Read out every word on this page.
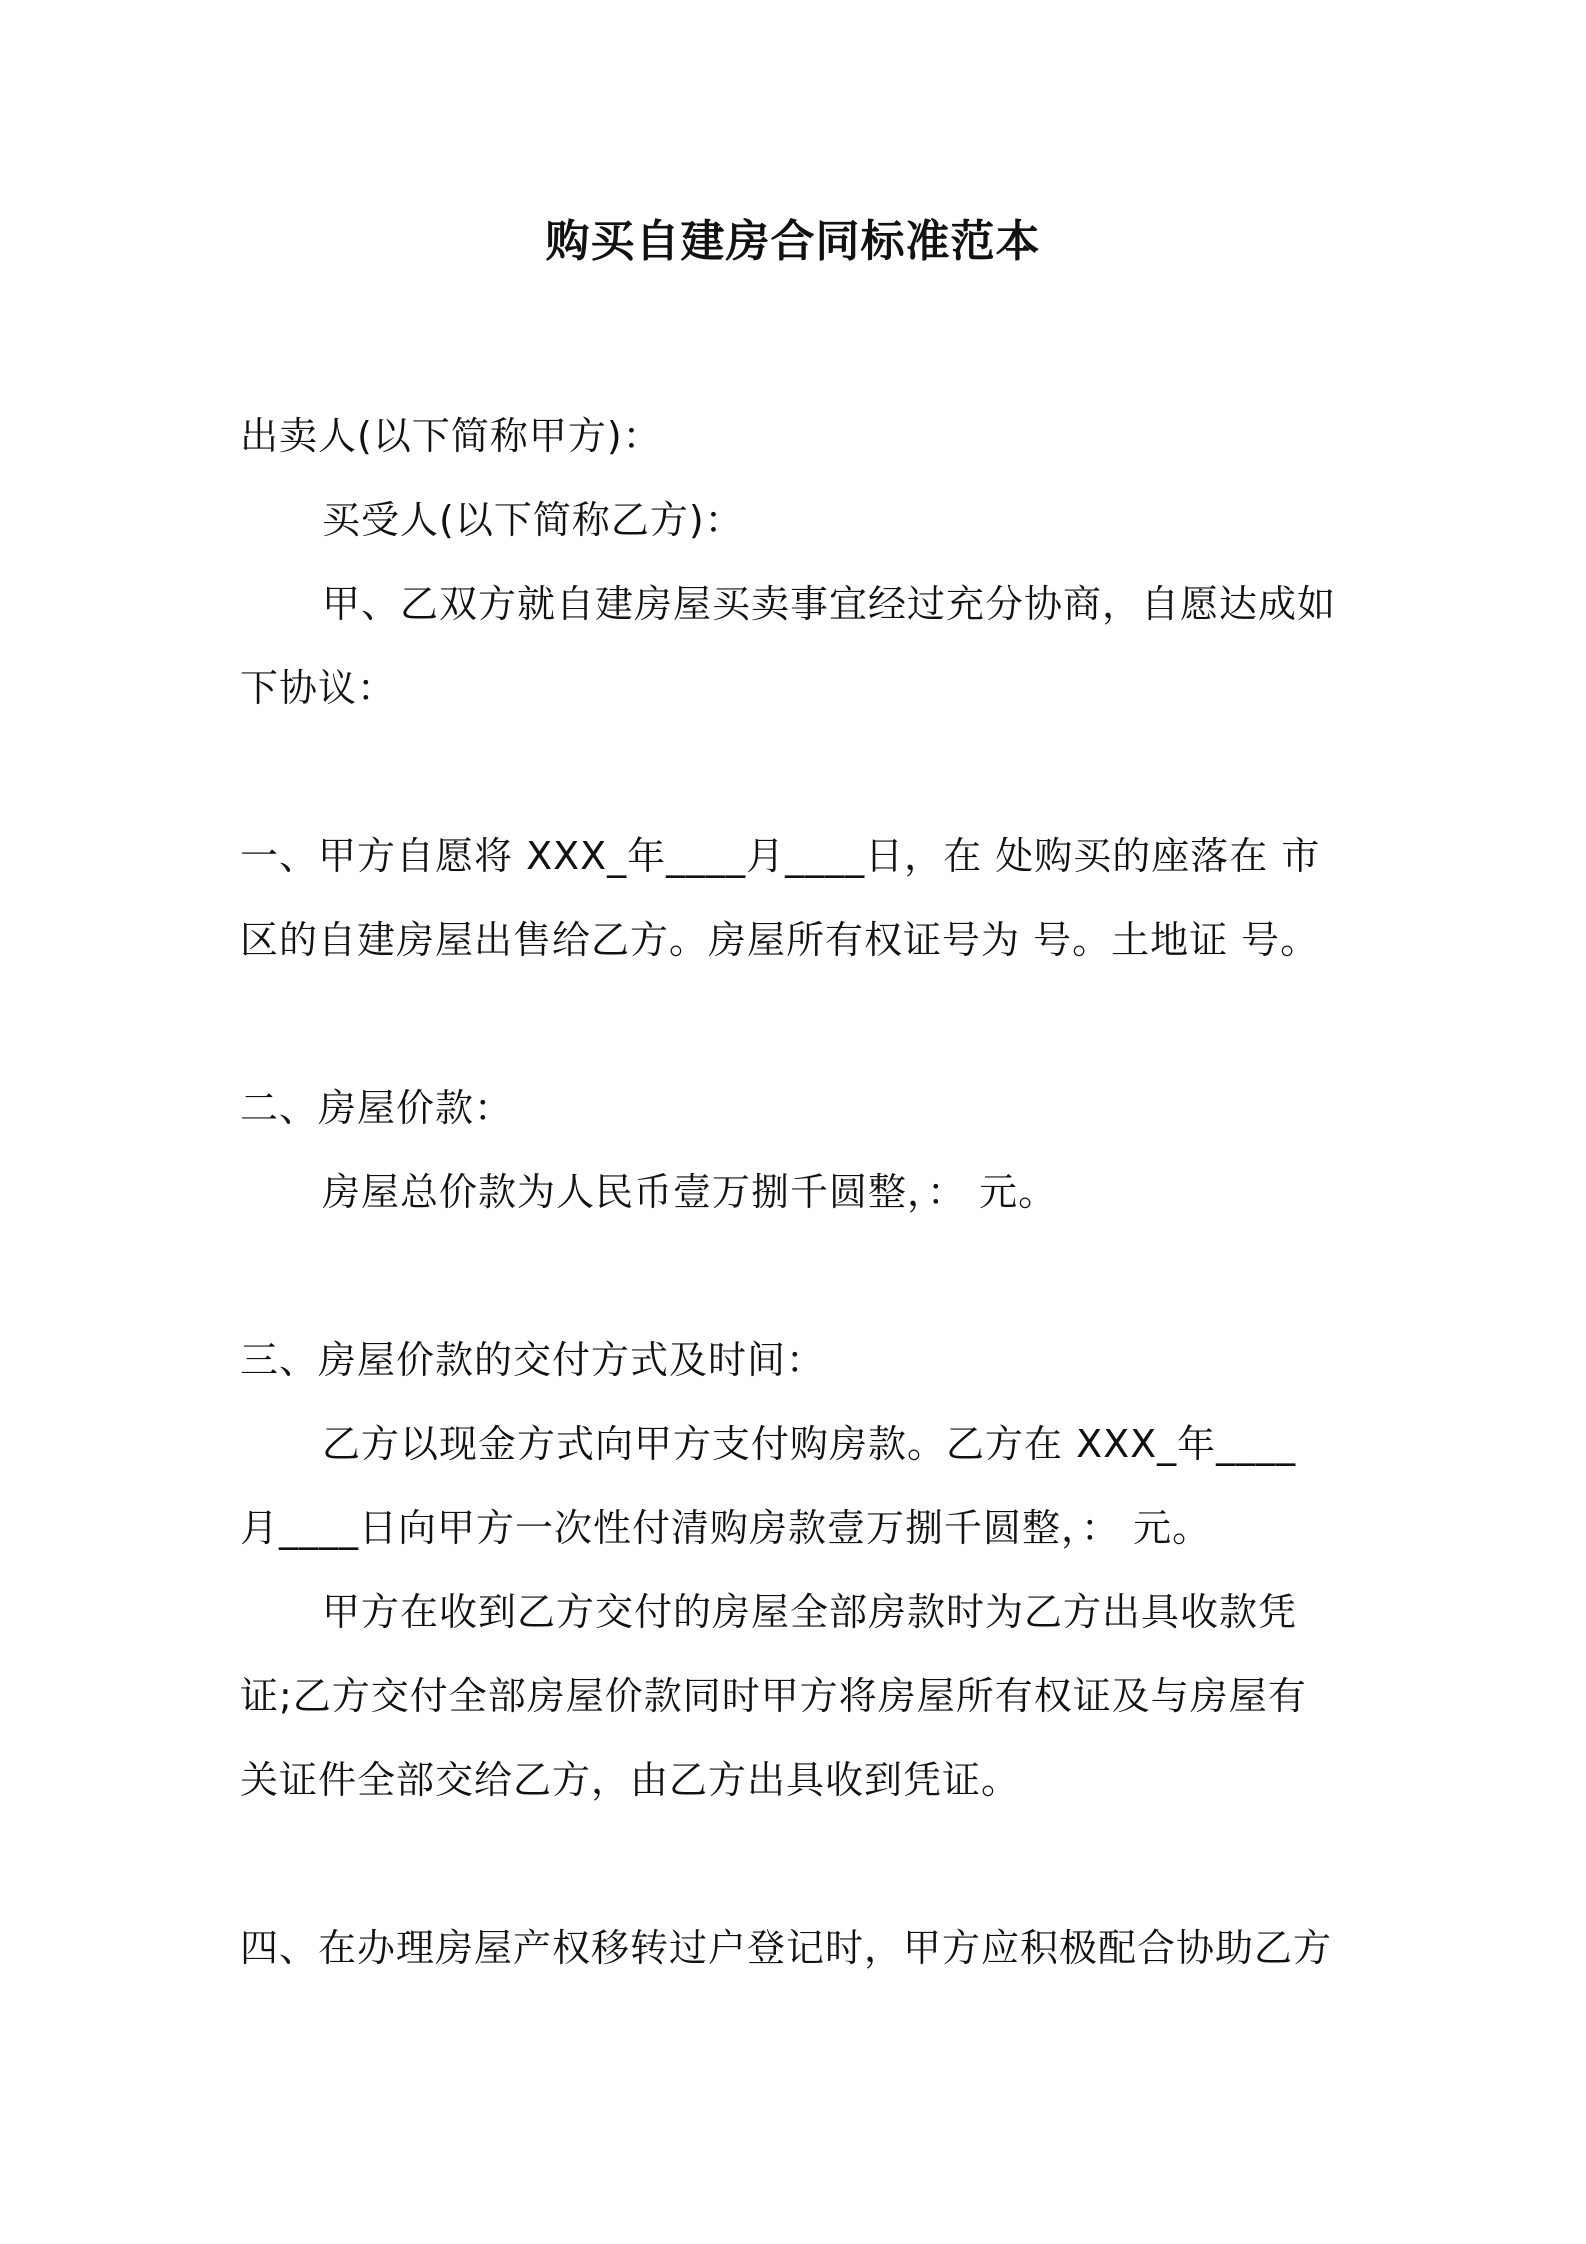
购买自建房合同标准范本
出卖人(以下简称甲方)：
买受人(以下简称乙方)：
甲、乙双方就自建房屋买卖事宜经过充分协商，自愿达成如
下协议：
一、甲方自愿将 XXX_年____月____日，在 处购买的座落在 市
区的自建房屋出售给乙方。房屋所有权证号为 号。土地证 号。
二、房屋价款：
房屋总价款为人民币壹万捌千圆整，： 元。
三、房屋价款的交付方式及时间：
乙方以现金方式向甲方支付购房款。乙方在 XXX_年____
月____日向甲方一次性付清购房款壹万捌千圆整，： 元。
甲方在收到乙方交付的房屋全部房款时为乙方出具收款凭
证;乙方交付全部房屋价款同时甲方将房屋所有权证及与房屋有
关证件全部交给乙方，由乙方出具收到凭证。
四、在办理房屋产权移转过户登记时，甲方应积极配合协助乙方
